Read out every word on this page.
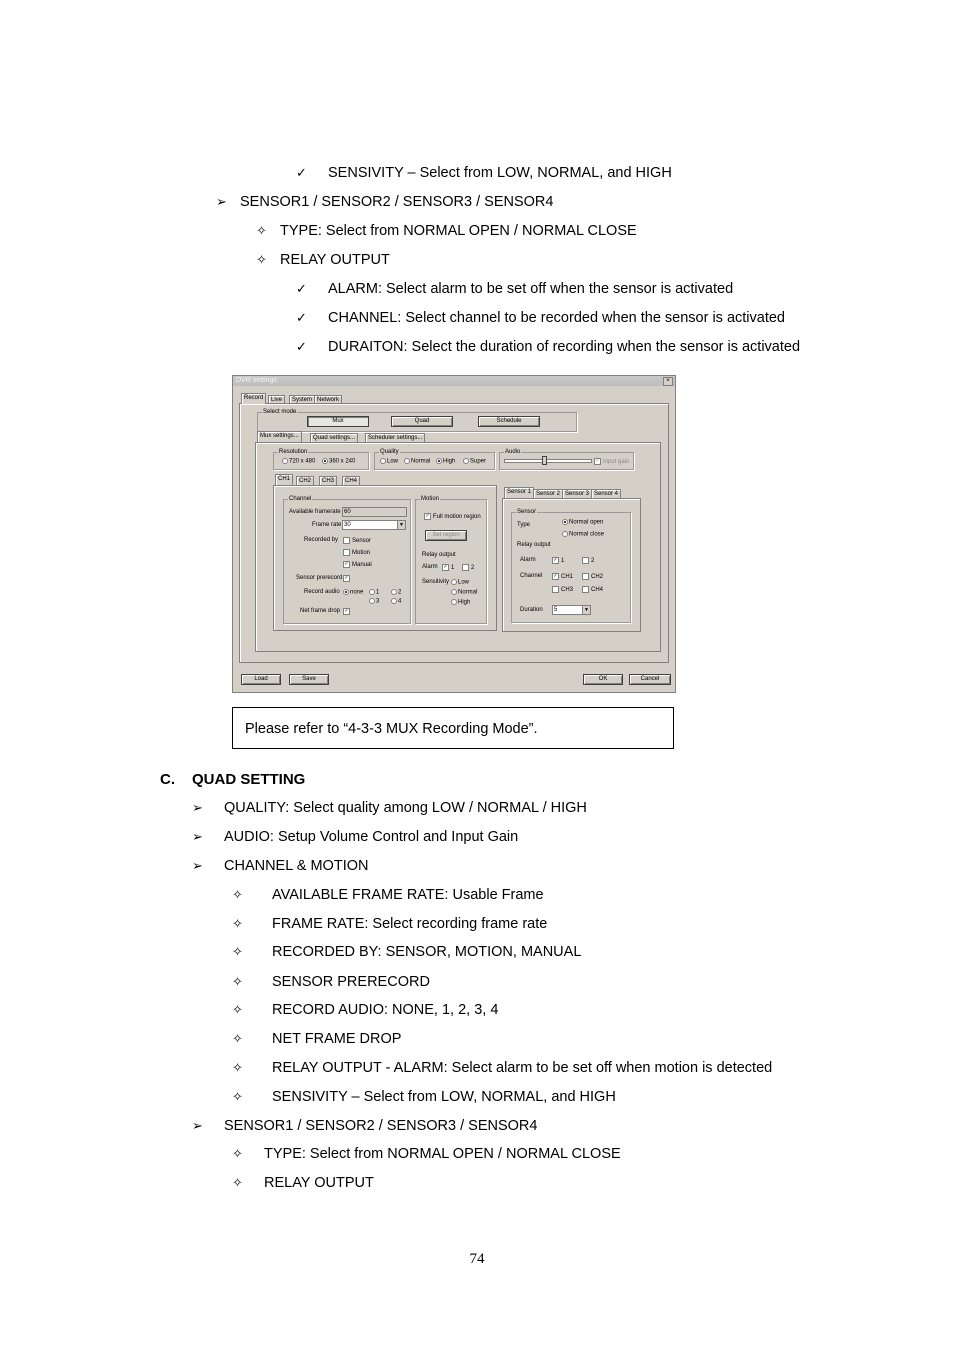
✓ SENSIVITY – Select from LOW, NORMAL, and HIGH
➢ SENSOR1 / SENSOR2 / SENSOR3 / SENSOR4
✧ TYPE: Select from NORMAL OPEN / NORMAL CLOSE
✧ RELAY OUTPUT
✓ ALARM: Select alarm to be set off when the sensor is activated
✓ CHANNEL: Select channel to be recorded when the sensor is activated
✓ DURAITON: Select the duration of recording when the sensor is activated
DVR settings	×
Record	Live	System Network
Select mode
Mux	Quad	Schedule
Mux settings...	Quad settings...	Scheduler settings...
Resolution
720 x 480	360 x 240
Quality
Low	Normal	High	Super
Audio
✓ Input gain
CH1	CH2	CH3	CH4
Channel
Available framerate 60
Frame rate 30	▼
Recorded by	Sensor
Motion
✓ Manual
Sensor prerecord ✓
Record audio	none	1	2
3	4
Net frame drop ✓
Motion
✓ Full motion region
Set region
Relay output
Alarm ✓ 1	2
Sensitivity	Low
Normal
High
Sensor 1 Sensor 2 Sensor 3 Sensor 4
Sensor
Type	Normal open
Normal close
Relay output
Alarm	✓ 1	2
Channel ✓ CH1	CH2
CH3	CH4
Duration	5	▼
Load	Save	OK	Cancel
Please refer to “4-3-3 MUX Recording Mode”.
C. QUAD SETTING
➢ QUALITY: Select quality among LOW / NORMAL / HIGH
➢ AUDIO: Setup Volume Control and Input Gain
➢ CHANNEL & MOTION
✧ AVAILABLE FRAME RATE: Usable Frame
✧ FRAME RATE: Select recording frame rate
✧ RECORDED BY: SENSOR, MOTION, MANUAL
✧ SENSOR PRERECORD
✧ RECORD AUDIO: NONE, 1, 2, 3, 4
✧ NET FRAME DROP
✧ RELAY OUTPUT - ALARM: Select alarm to be set off when motion is detected
✧ SENSIVITY – Select from LOW, NORMAL, and HIGH
➢ SENSOR1 / SENSOR2 / SENSOR3 / SENSOR4
✧ TYPE: Select from NORMAL OPEN / NORMAL CLOSE
✧ RELAY OUTPUT
74
